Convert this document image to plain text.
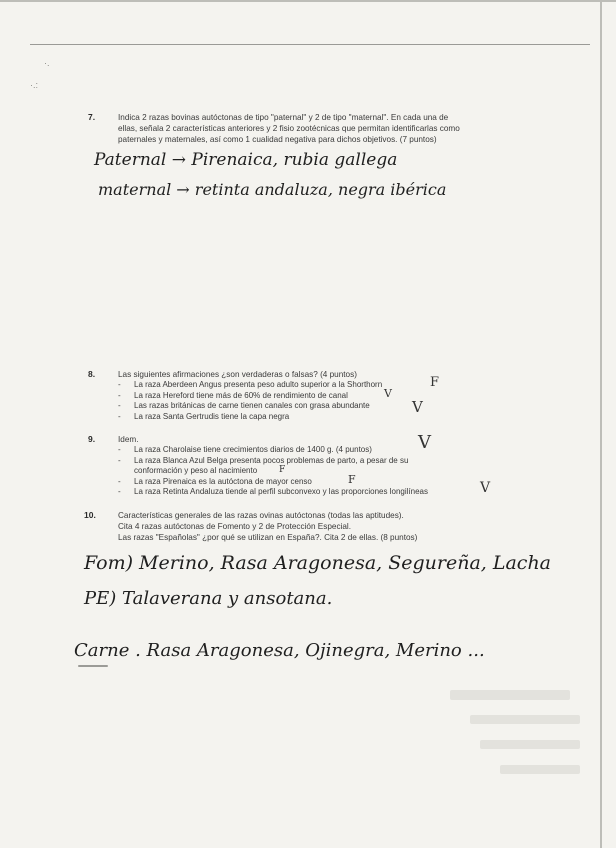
·.
·.:
7.	Indica 2 razas bovinas autóctonas de tipo "paternal" y 2 de tipo "maternal". En cada una de
ellas, señala 2 características anteriores y 2 fisio zootécnicas que permitan identificarlas como
paternales y maternales, así como 1 cualidad negativa para dichos objetivos. (7 puntos)
Paternal → Pirenaica, rubia gallega
maternal → retinta andaluza, negra ibérica
8.	Las siguientes afirmaciones ¿son verdaderas o falsas? (4 puntos)
- La raza Aberdeen Angus presenta peso adulto superior a la Shorthorn
- La raza Hereford tiene más de 60% de rendimiento de canal
- Las razas británicas de carne tienen canales con grasa abundante
- La raza Santa Gertrudis tiene la capa negra
F
V
V
9.	Idem.
- La raza Charolaise tiene crecimientos diarios de 1400 g. (4 puntos)
- La raza Blanca Azul Belga presenta pocos problemas de parto, a pesar de su
conformación y peso al nacimiento
- La raza Pirenaica es la autóctona de mayor censo
- La raza Retinta Andaluza tiende al perfil subconvexo y las proporciones longilíneas
V
F
F
V
10.	Características generales de las razas ovinas autóctonas (todas las aptitudes).
Cita 4 razas autóctonas de Fomento y 2 de Protección Especial.
Las razas "Españolas" ¿por qué se utilizan en España?. Cita 2 de ellas. (8 puntos)
Fom) Merino, Rasa Aragonesa, Segureña, Lacha
PE) Talaverana y ansotana.
Carne . Rasa Aragonesa, Ojinegra, Merino ...
